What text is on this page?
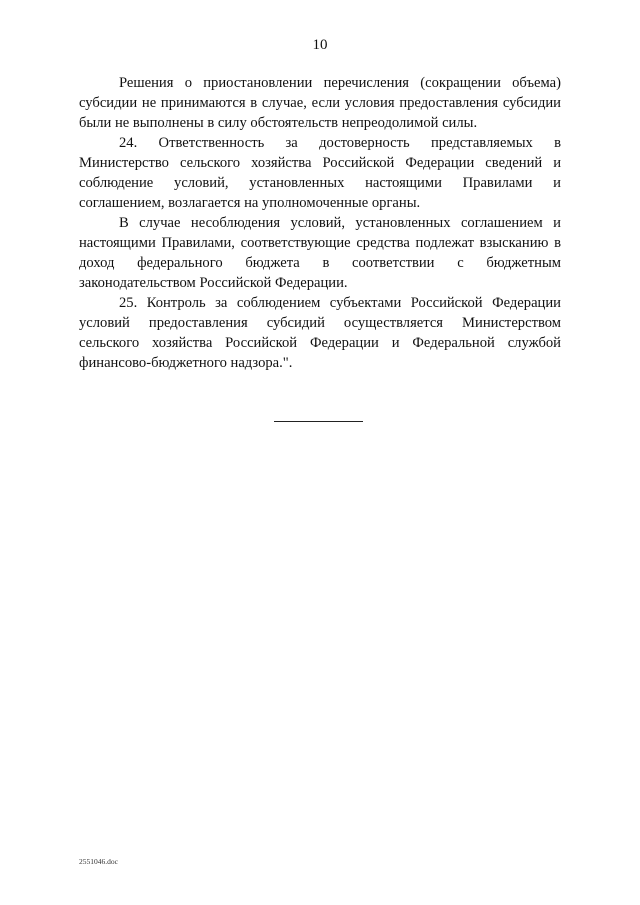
10

Решения о приостановлении перечисления (сокращении объема) субсидии не принимаются в случае, если условия предоставления субсидии были не выполнены в силу обстоятельств непреодолимой силы.

24. Ответственность за достоверность представляемых в Министерство сельского хозяйства Российской Федерации сведений и соблюдение условий, установленных настоящими Правилами и соглашением, возлагается на уполномоченные органы.

В случае несоблюдения условий, установленных соглашением и настоящими Правилами, соответствующие средства подлежат взысканию в доход федерального бюджета в соответствии с бюджетным законодательством Российской Федерации.

25. Контроль за соблюдением субъектами Российской Федерации условий предоставления субсидий осуществляется Министерством сельского хозяйства Российской Федерации и Федеральной службой финансово-бюджетного надзора.".

2551046.doc
